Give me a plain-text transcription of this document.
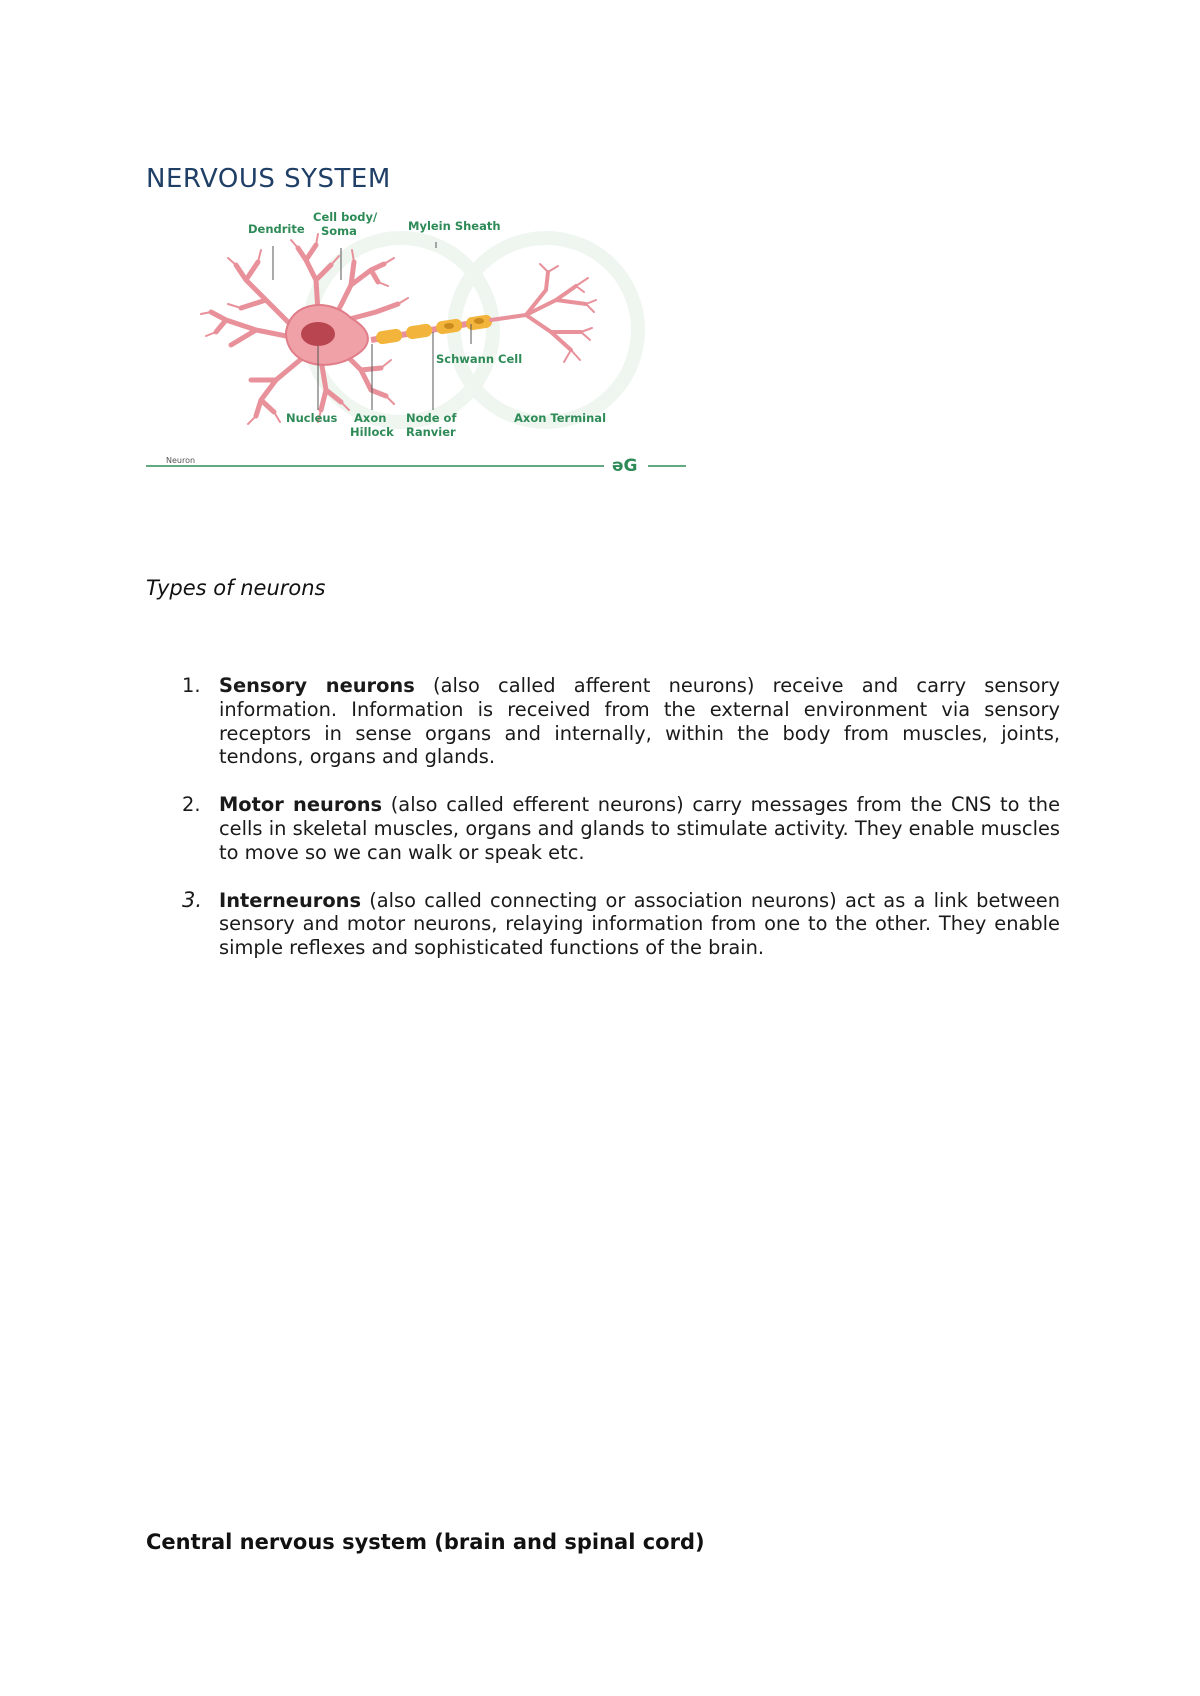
NERVOUS SYSTEM
Dendrite
Cell body/
Soma	Mylein Sheath
Schwann Cell
Nucleus Axon
Hillock
Node of
Ranvier
Axon Terminal
Neuron	əG
Types of neurons
1. Sensory neurons (also called afferent neurons) receive and carry sensory information. Information is received from the external environment via sensory receptors in sense organs and internally, within the body from muscles, joints, tendons, organs and glands.
2. Motor neurons (also called efferent neurons) carry messages from the CNS to the cells in skeletal muscles, organs and glands to stimulate activity. They enable muscles to move so we can walk or speak etc.
3. Interneurons (also called connecting or association neurons) act as a link between sensory and motor neurons, relaying information from one to the other. They enable simple reflexes and sophisticated functions of the brain.
Central nervous system (brain and spinal cord)
